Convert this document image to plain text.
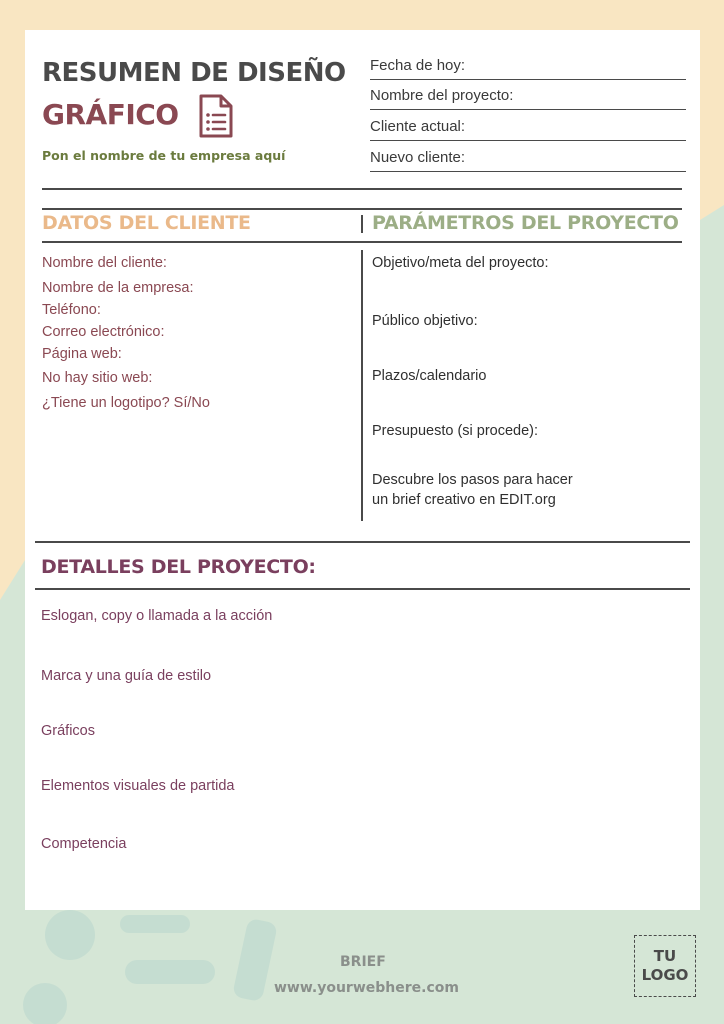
RESUMEN DE DISEÑO
GRÁFICO
Pon el nombre de tu empresa aquí
Fecha de hoy:
Nombre del proyecto:
Cliente actual:
Nuevo cliente:
DATOS DEL CLIENTE	PARÁMETROS DEL PROYECTO
Nombre del cliente:
Nombre de la empresa:
Teléfono:
Correo electrónico:
Página web:
No hay sitio web:
¿Tiene un logotipo? Sí/No
Objetivo/meta del proyecto:
Público objetivo:
Plazos/calendario
Presupuesto (si procede):
Descubre los pasos para hacer
un brief creativo en EDIT.org
DETALLES DEL PROYECTO:
Eslogan, copy o llamada a la acción
Marca y una guía de estilo
Gráficos
Elementos visuales de partida
Competencia
BRIEF
www.yourwebhere.com
TU
LOGO
